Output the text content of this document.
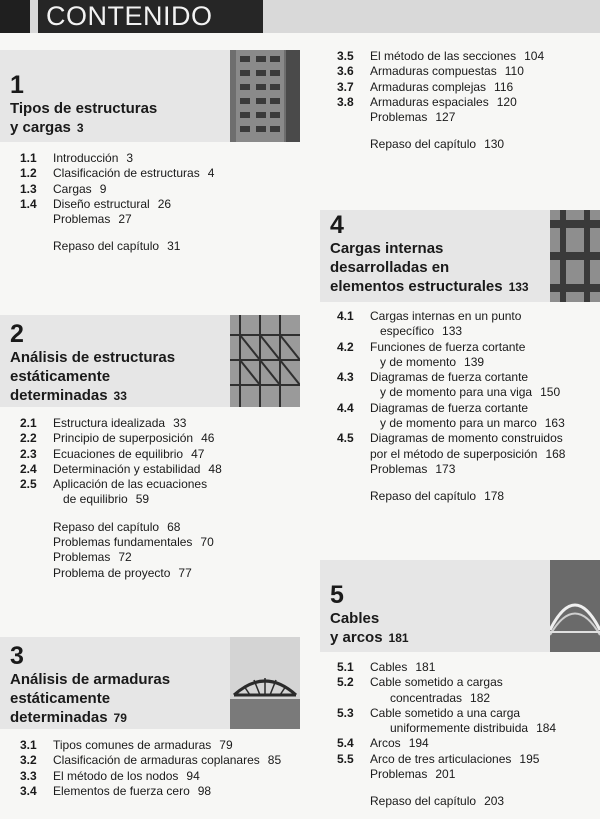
CONTENIDO
1
Tipos de estructuras
y cargas 3
1.1	Introducción 3
1.2	Clasificación de estructuras 4
1.3	Cargas 9
1.4	Diseño estructural 26
Problemas 27
Repaso del capítulo 31
2
Análisis de estructuras
estáticamente
determinadas 33
2.1	Estructura idealizada 33
2.2	Principio de superposición 46
2.3	Ecuaciones de equilibrio 47
2.4	Determinación y estabilidad 48
2.5	Aplicación de las ecuaciones
de equilibrio 59
Repaso del capítulo 68
Problemas fundamentales 70
Problemas 72
Problema de proyecto 77
3
Análisis de armaduras
estáticamente
determinadas 79
3.1	Tipos comunes de armaduras 79
3.2	Clasificación de armaduras coplanares 85
3.3	El método de los nodos 94
3.4	Elementos de fuerza cero 98
3.5	El método de las secciones 104
3.6	Armaduras compuestas 110
3.7	Armaduras complejas 116
3.8	Armaduras espaciales 120
Problemas 127
Repaso del capítulo 130
4
Cargas internas
desarrolladas en
elementos estructurales 133
4.1	Cargas internas en un punto
específico 133
4.2	Funciones de fuerza cortante
y de momento 139
4.3	Diagramas de fuerza cortante
y de momento para una viga 150
4.4	Diagramas de fuerza cortante
y de momento para un marco 163
4.5	Diagramas de momento construidos
por el método de superposición 168
Problemas 173
Repaso del capítulo 178
5
Cables
y arcos 181
5.1	Cables 181
5.2	Cable sometido a cargas
concentradas 182
5.3	Cable sometido a una carga
uniformemente distribuida 184
5.4	Arcos 194
5.5	Arco de tres articulaciones 195
Problemas 201
Repaso del capítulo 203
